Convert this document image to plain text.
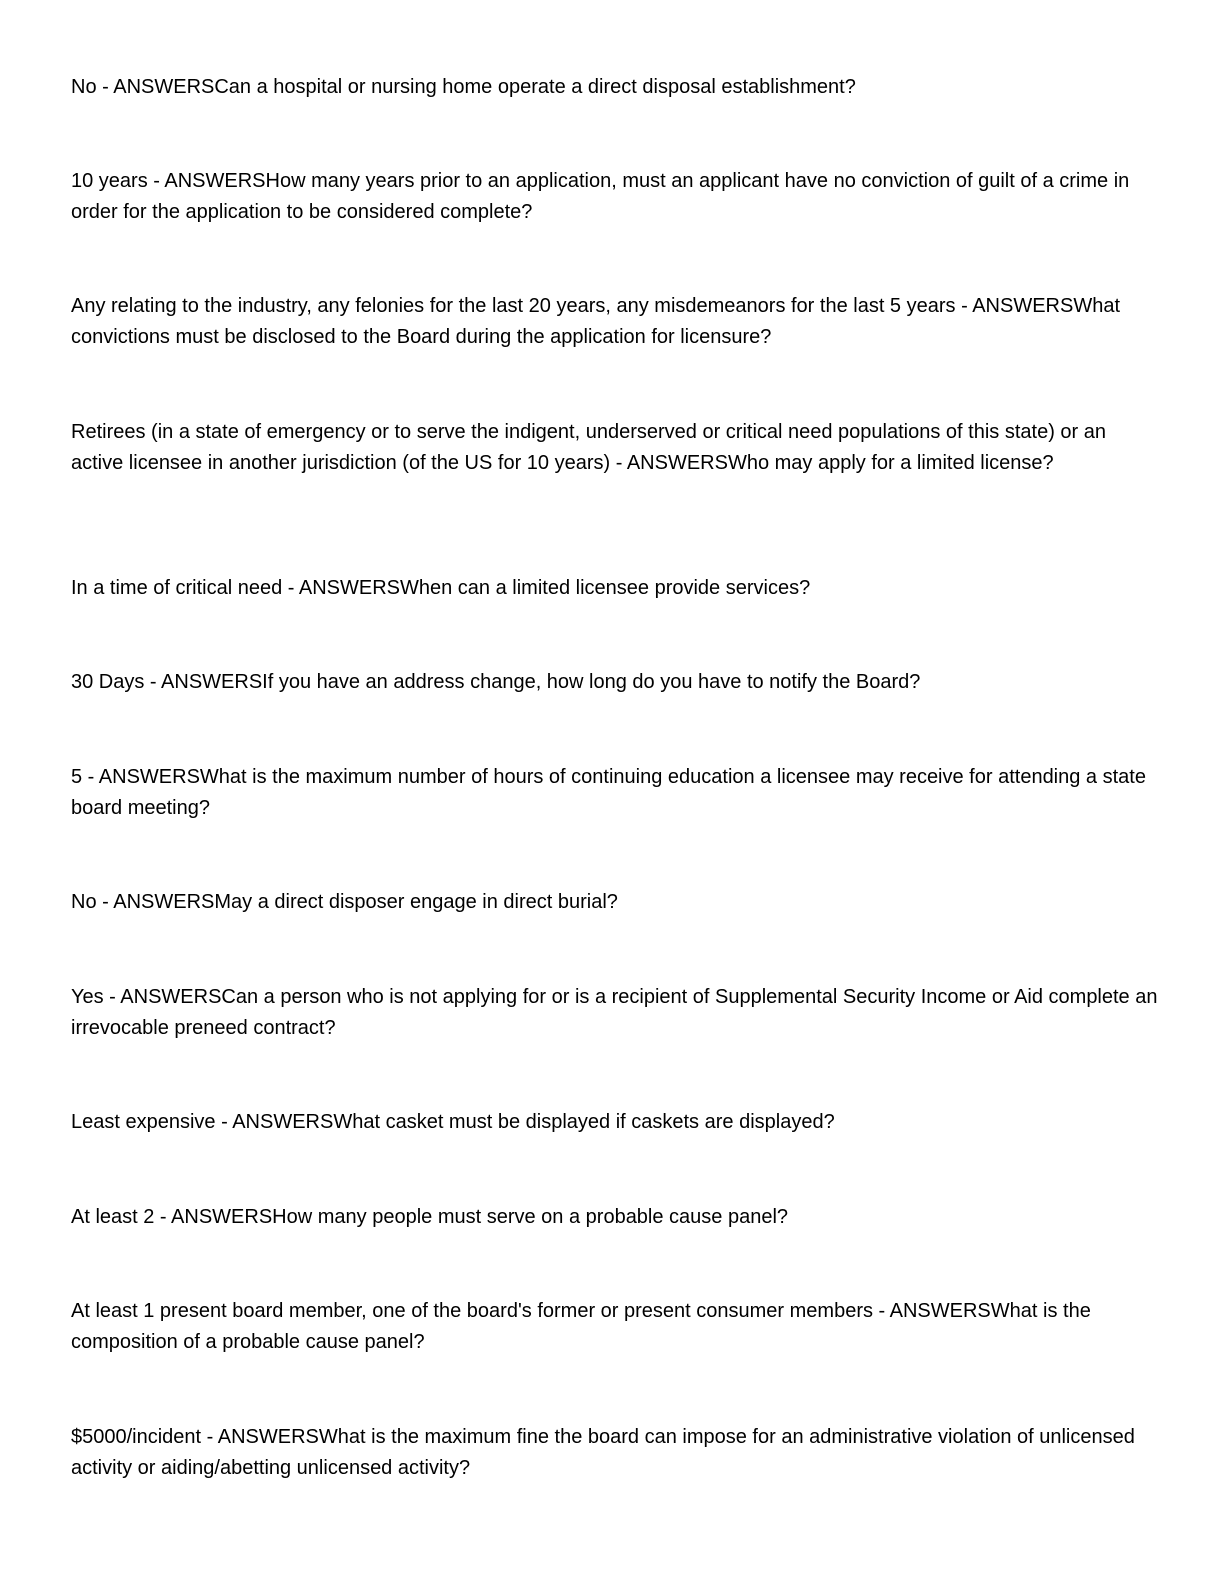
No - ANSWERSCan a hospital or nursing home operate a direct disposal establishment?

10 years - ANSWERSHow many years prior to an application, must an applicant have no conviction of guilt of a crime in order for the application to be considered complete?

Any relating to the industry, any felonies for the last 20 years, any misdemeanors for the last 5 years - ANSWERSWhat convictions must be disclosed to the Board during the application for licensure?

Retirees (in a state of emergency or to serve the indigent, underserved or critical need populations of this state) or an active licensee in another jurisdiction (of the US for 10 years) - ANSWERSWho may apply for a limited license?

In a time of critical need - ANSWERSWhen can a limited licensee provide services?

30 Days - ANSWERSIf you have an address change, how long do you have to notify the Board?

5 - ANSWERSWhat is the maximum number of hours of continuing education a licensee may receive for attending a state board meeting?

No - ANSWERSMay a direct disposer engage in direct burial?

Yes - ANSWERSCan a person who is not applying for or is a recipient of Supplemental Security Income or Aid complete an irrevocable preneed contract?

Least expensive - ANSWERSWhat casket must be displayed if caskets are displayed?

At least 2 - ANSWERSHow many people must serve on a probable cause panel?

At least 1 present board member, one of the board's former or present consumer members - ANSWERSWhat is the composition of a probable cause panel?

$5000/incident - ANSWERSWhat is the maximum fine the board can impose for an administrative violation of unlicensed activity or aiding/abetting unlicensed activity?
